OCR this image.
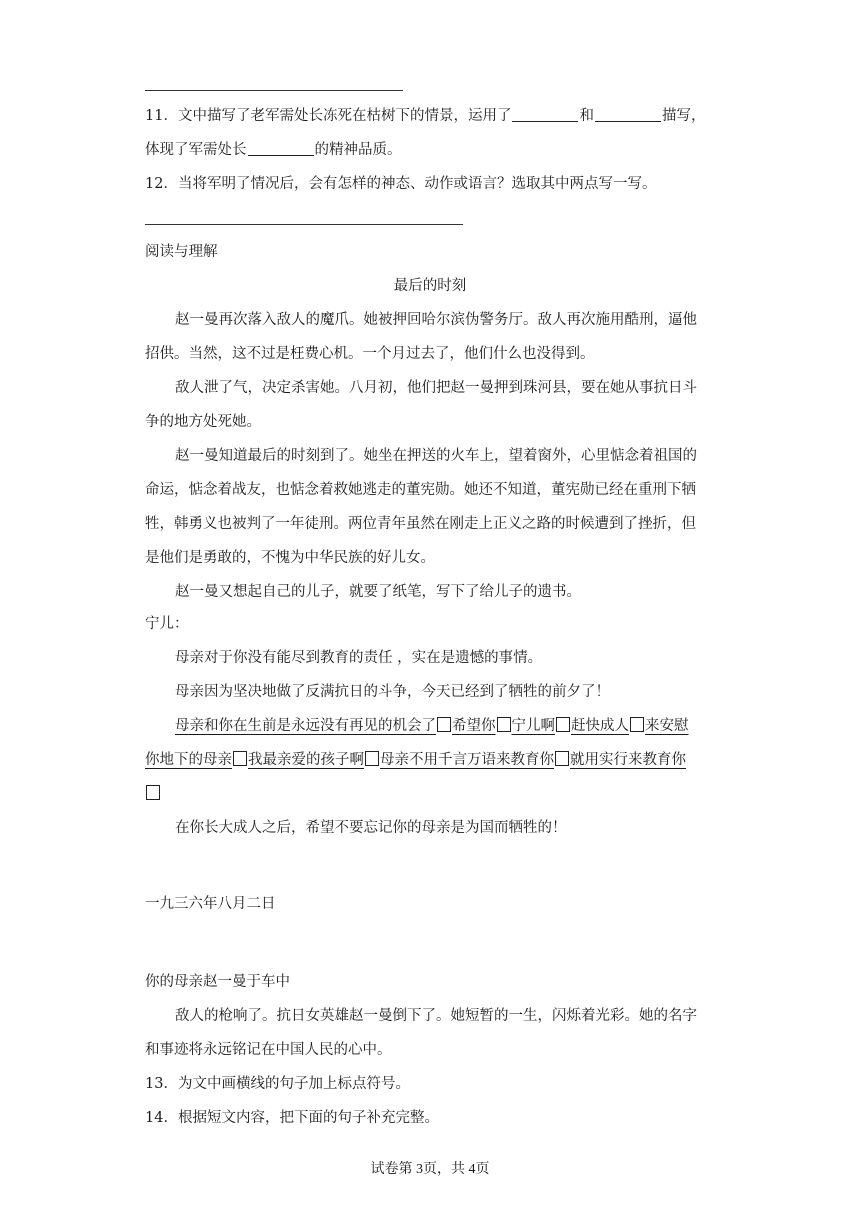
11．文中描写了老军需处长冻死在枯树下的情景，运用了	和	描写，
体现了军需处长	的精神品质。
12．当将军明了情况后，会有怎样的神态、动作或语言？选取其中两点写一写。
阅读与理解
最后的时刻
赵一曼再次落入敌人的魔爪。她被押回哈尔滨伪警务厅。敌人再次施用酷刑，逼他
招供。当然，这不过是枉费心机。一个月过去了，他们什么也没得到。
敌人泄了气，决定杀害她。八月初，他们把赵一曼押到珠河县，要在她从事抗日斗
争的地方处死她。
赵一曼知道最后的时刻到了。她坐在押送的火车上，望着窗外，心里惦念着祖国的
命运，惦念着战友，也惦念着救她逃走的董宪勋。她还不知道，董宪勋已经在重刑下牺
牲，韩勇义也被判了一年徒刑。两位青年虽然在刚走上正义之路的时候遭到了挫折，但
是他们是勇敢的，不愧为中华民族的好儿女。
赵一曼又想起自己的儿子，就要了纸笔，写下了给儿子的遗书。
宁儿：
母亲对于你没有能尽到教育的责任 ，实在是遗憾的事情。
母亲因为坚决地做了反满抗日的斗争，今天已经到了牺牲的前夕了！
母亲和你在生前是永远没有再见的机会了 希望你 宁儿啊 赶快成人 来安慰
你地下的母亲 我最亲爱的孩子啊 母亲不用千言万语来教育你 就用实行来教育你
在你长大成人之后，希望不要忘记你的母亲是为国而牺牲的！
一九三六年八月二日
你的母亲赵一曼于车中
敌人的枪响了。抗日女英雄赵一曼倒下了。她短暂的一生，闪烁着光彩。她的名字
和事迹将永远铭记在中国人民的心中。
13．为文中画横线的句子加上标点符号。
14．根据短文内容，把下面的句子补充完整。
试卷第 3页，共 4页
